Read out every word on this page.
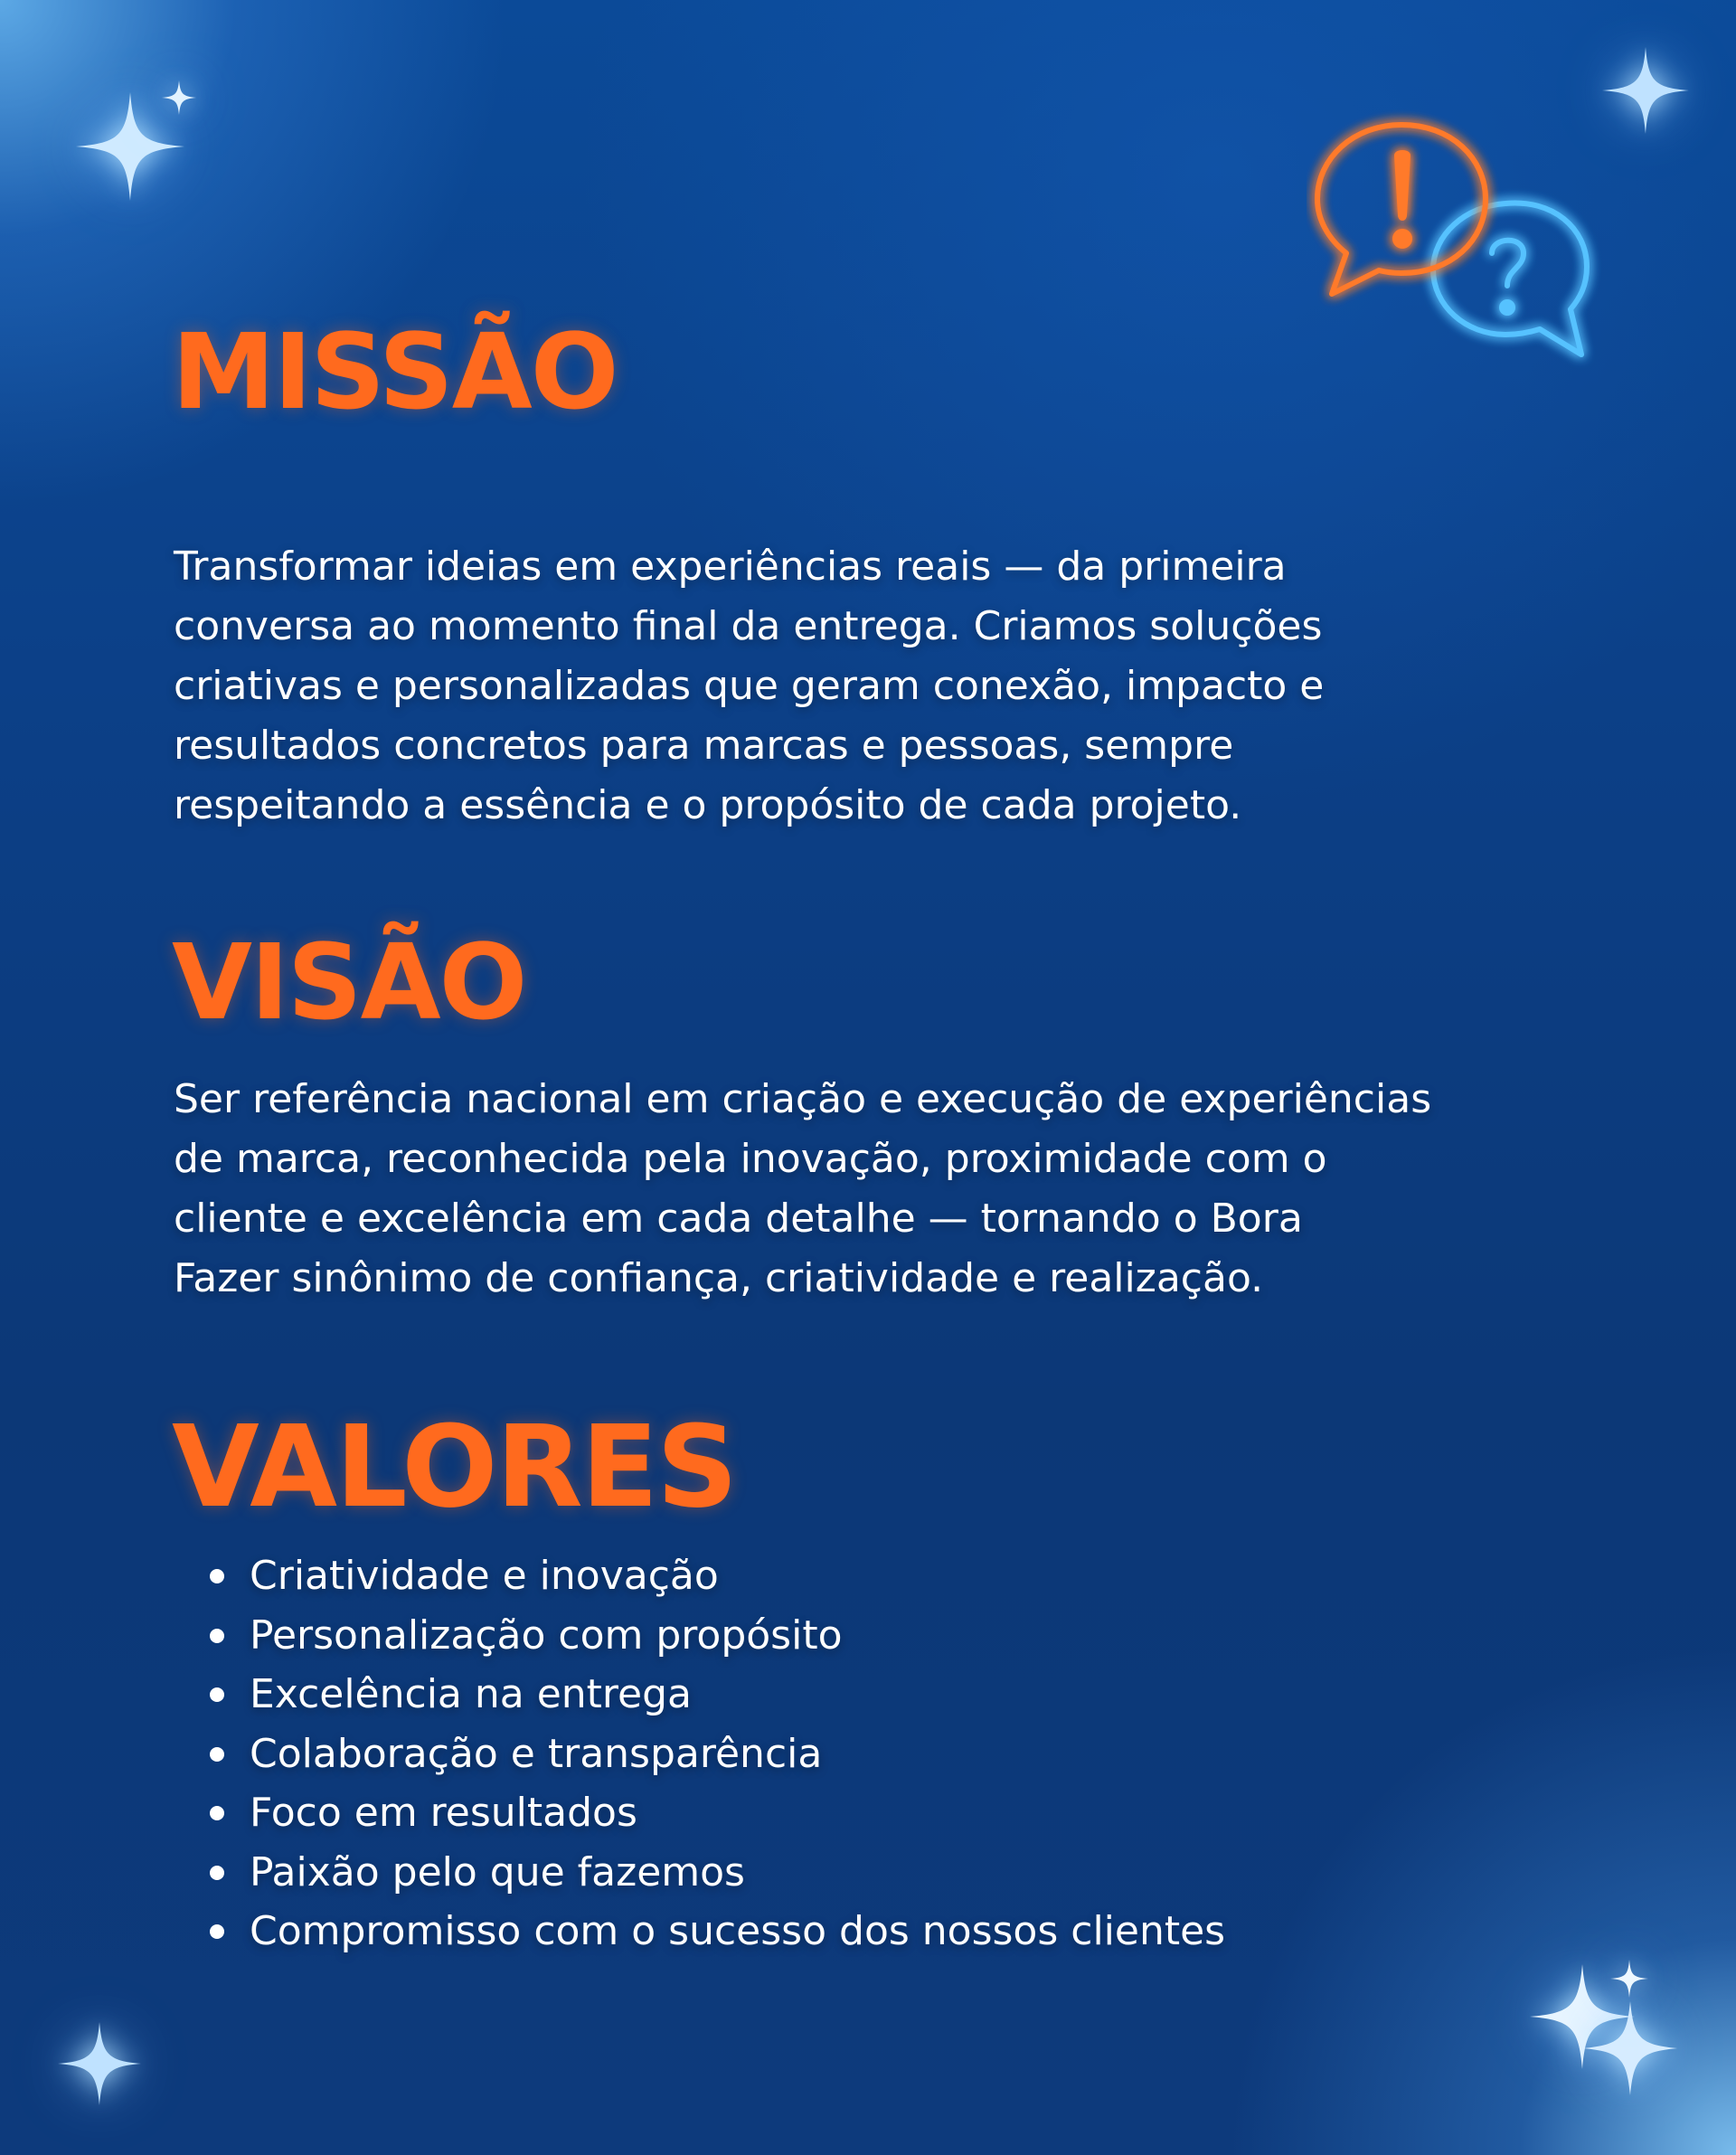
MISSÃO
Transformar ideias em experiências reais — da primeira
conversa ao momento final da entrega. Criamos soluções
criativas e personalizadas que geram conexão, impacto e
resultados concretos para marcas e pessoas, sempre
respeitando a essência e o propósito de cada projeto.
VISÃO
Ser referência nacional em criação e execução de experiências
de marca, reconhecida pela inovação, proximidade com o
cliente e excelência em cada detalhe — tornando o Bora
Fazer sinônimo de confiança, criatividade e realização.
VALORES
Criatividade e inovação
Personalização com propósito
Excelência na entrega
Colaboração e transparência
Foco em resultados
Paixão pelo que fazemos
Compromisso com o sucesso dos nossos clientes
